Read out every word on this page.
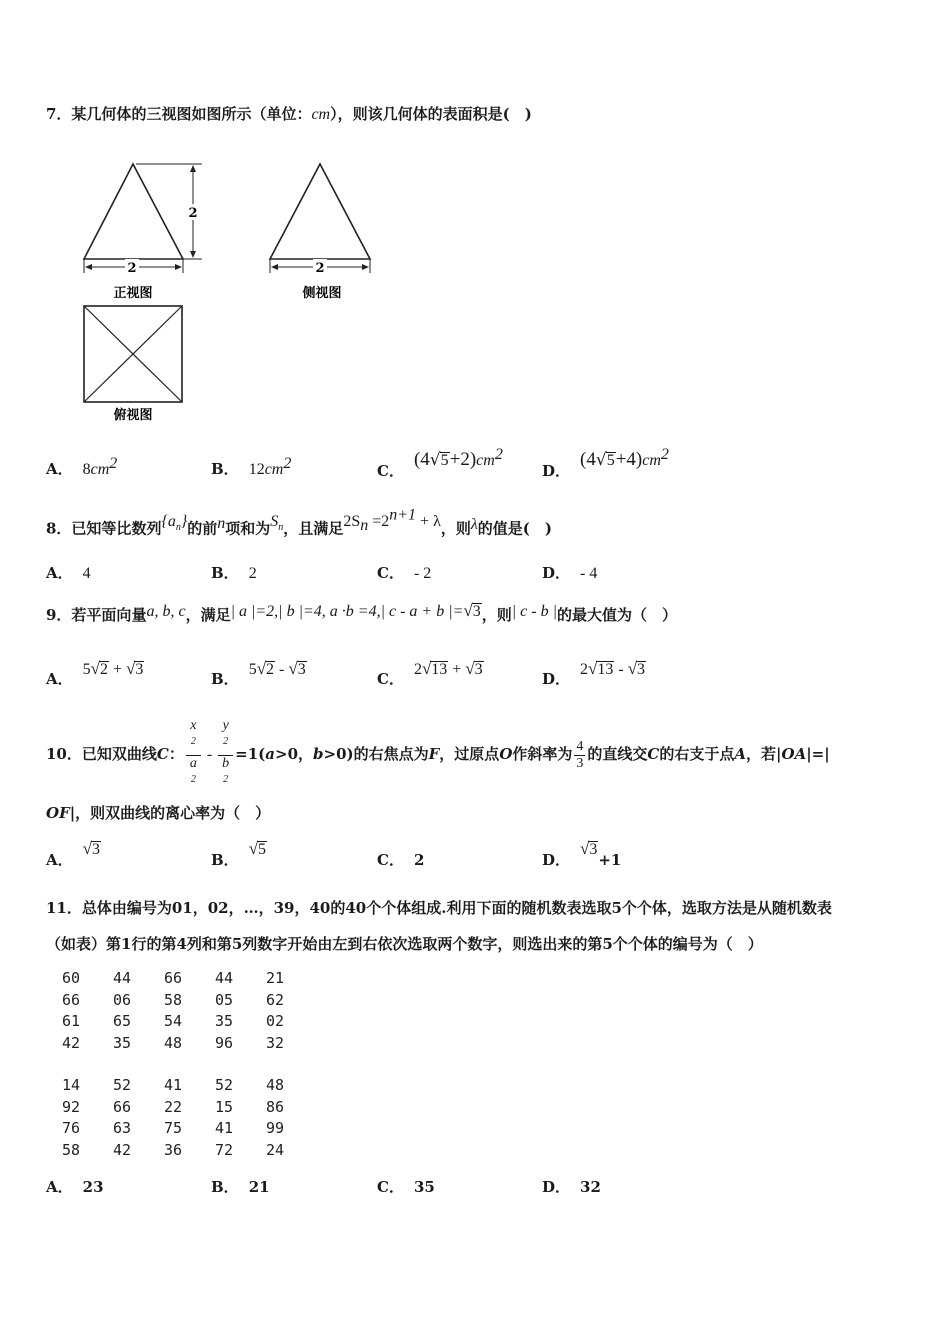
7．某几何体的三视图如图所示（单位：cm），则该几何体的表面积是(　)
2
2
正视图
2
侧视图
俯视图
A． $8cm^2$	B． $12cm^2$	C．$(4√5+2)cm^2$
D．$(4√5+4)cm^2$
8．已知等比数列$\{a_n\}$的前n项和为$S_n$，且满足$2S_n =2^{n+1} + \lambda$，则λ的值是(　)
A． 4	B． 2	C． - 2	D． - 4
9．若平面向量a, b, c，满足| a |=2,| b |=4, a ·b =4,| c - a + b |=√3，则| c - b |的最大值为（　）
A．5√2 + √3
B．5√2 - √3
C．2√13 + √3
D．2√13 - √3
10．已知双曲线C： x
$^2$
a
$^2$ - y
$^2$
b
$^2$ =1(a>0，b>0)的右焦点为F，过原点O作斜率为 $\frac{4}{3}$ 的直线交C的右支于点A，若|OA|=|
OF|，则双曲线的离心率为（　）
A．√3
B．√5
C． 2	D．√3+1
11．总体由编号为01，02，…，39，40的40个个体组成.利用下面的随机数表选取5个个体，选取方法是从随机数表
（如表）第1行的第4列和第5列数字开始由左到右依次选取两个数字，则选出来的第5个个体的编号为（　）
60	44	66	44	21
66	06	58	05	62
61	65	54	35	02
42	35	48	96	32
14	52	41	52	48
92	66	22	15	86
76	63	75	41	99
58	42	36	72	24
A． 23	B． 21	C． 35	D． 32
